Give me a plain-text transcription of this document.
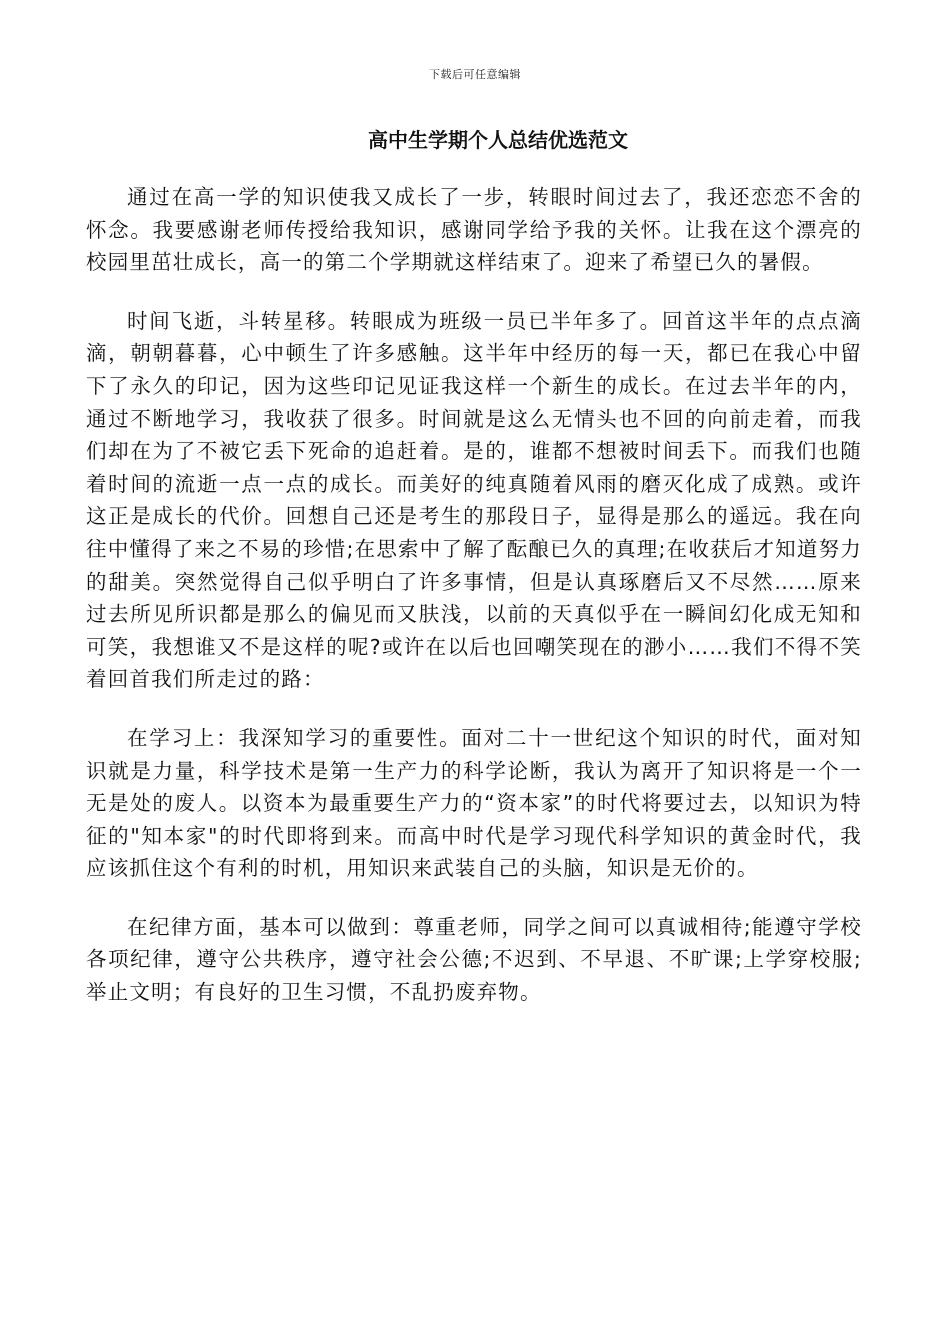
下载后可任意编辑
高中生学期个人总结优选范文

通过在高一学的知识使我又成长了一步，转眼时间过去了，我还恋恋不舍的怀念。我要感谢老师传授给我知识，感谢同学给予我的关怀。让我在这个漂亮的校园里茁壮成长，高一的第二个学期就这样结束了。迎来了希望已久的暑假。

时间飞逝，斗转星移。转眼成为班级一员已半年多了。回首这半年的点点滴滴，朝朝暮暮，心中顿生了许多感触。这半年中经历的每一天，都已在我心中留下了永久的印记，因为这些印记见证我这样一个新生的成长。在过去半年的内，通过不断地学习，我收获了很多。时间就是这么无情头也不回的向前走着，而我们却在为了不被它丢下死命的追赶着。是的，谁都不想被时间丢下。而我们也随着时间的流逝一点一点的成长。而美好的纯真随着风雨的磨灭化成了成熟。或许这正是成长的代价。回想自己还是考生的那段日子，显得是那么的遥远。我在向往中懂得了来之不易的珍惜;在思索中了解了酝酿已久的真理;在收获后才知道努力的甜美。突然觉得自己似乎明白了许多事情，但是认真琢磨后又不尽然……原来过去所见所识都是那么的偏见而又肤浅，以前的天真似乎在一瞬间幻化成无知和可笑，我想谁又不是这样的呢?或许在以后也回嘲笑现在的渺小……我们不得不笑着回首我们所走过的路：

在学习上：我深知学习的重要性。面对二十一世纪这个知识的时代，面对知识就是力量，科学技术是第一生产力的科学论断，我认为离开了知识将是一个一无是处的废人。以资本为最重要生产力的“资本家”的时代将要过去，以知识为特征的"知本家"的时代即将到来。而高中时代是学习现代科学知识的黄金时代，我应该抓住这个有利的时机，用知识来武装自己的头脑，知识是无价的。

在纪律方面，基本可以做到：尊重老师，同学之间可以真诚相待;能遵守学校各项纪律，遵守公共秩序，遵守社会公德;不迟到、不早退、不旷课;上学穿校服;举止文明；有良好的卫生习惯，不乱扔废弃物。
